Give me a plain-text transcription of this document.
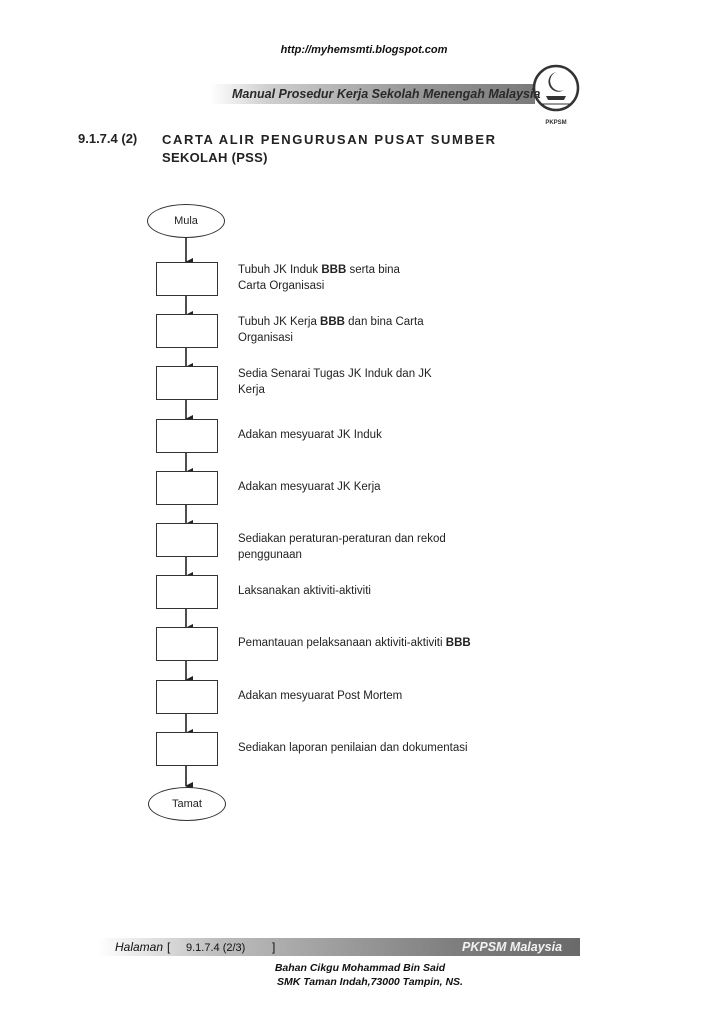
http://myhemsmti.blogspot.com
Manual Prosedur Kerja Sekolah Menengah Malaysia
PKPSM
9.1.7.4 (2) CARTA ALIR PENGURUSAN PUSAT SUMBER
SEKOLAH (PSS)
Mula
Tubuh JK Induk BBB serta bina
Carta Organisasi
Tubuh JK Kerja BBB dan bina Carta
Organisasi
Sedia Senarai Tugas JK Induk dan JK
Kerja
Adakan mesyuarat JK Induk
Adakan mesyuarat JK Kerja
Sediakan peraturan-peraturan dan rekod penggunaan
Laksanakan aktiviti-aktiviti
Pemantauan pelaksanaan aktiviti-aktiviti BBB
Adakan mesyuarat Post Mortem
Sediakan laporan penilaian dan dokumentasi
Tamat
Halaman [ 9.1.7.4 (2/3) ]	PKPSM Malaysia
Bahan Cikgu Mohammad Bin Said
SMK Taman Indah,73000 Tampin, NS.
